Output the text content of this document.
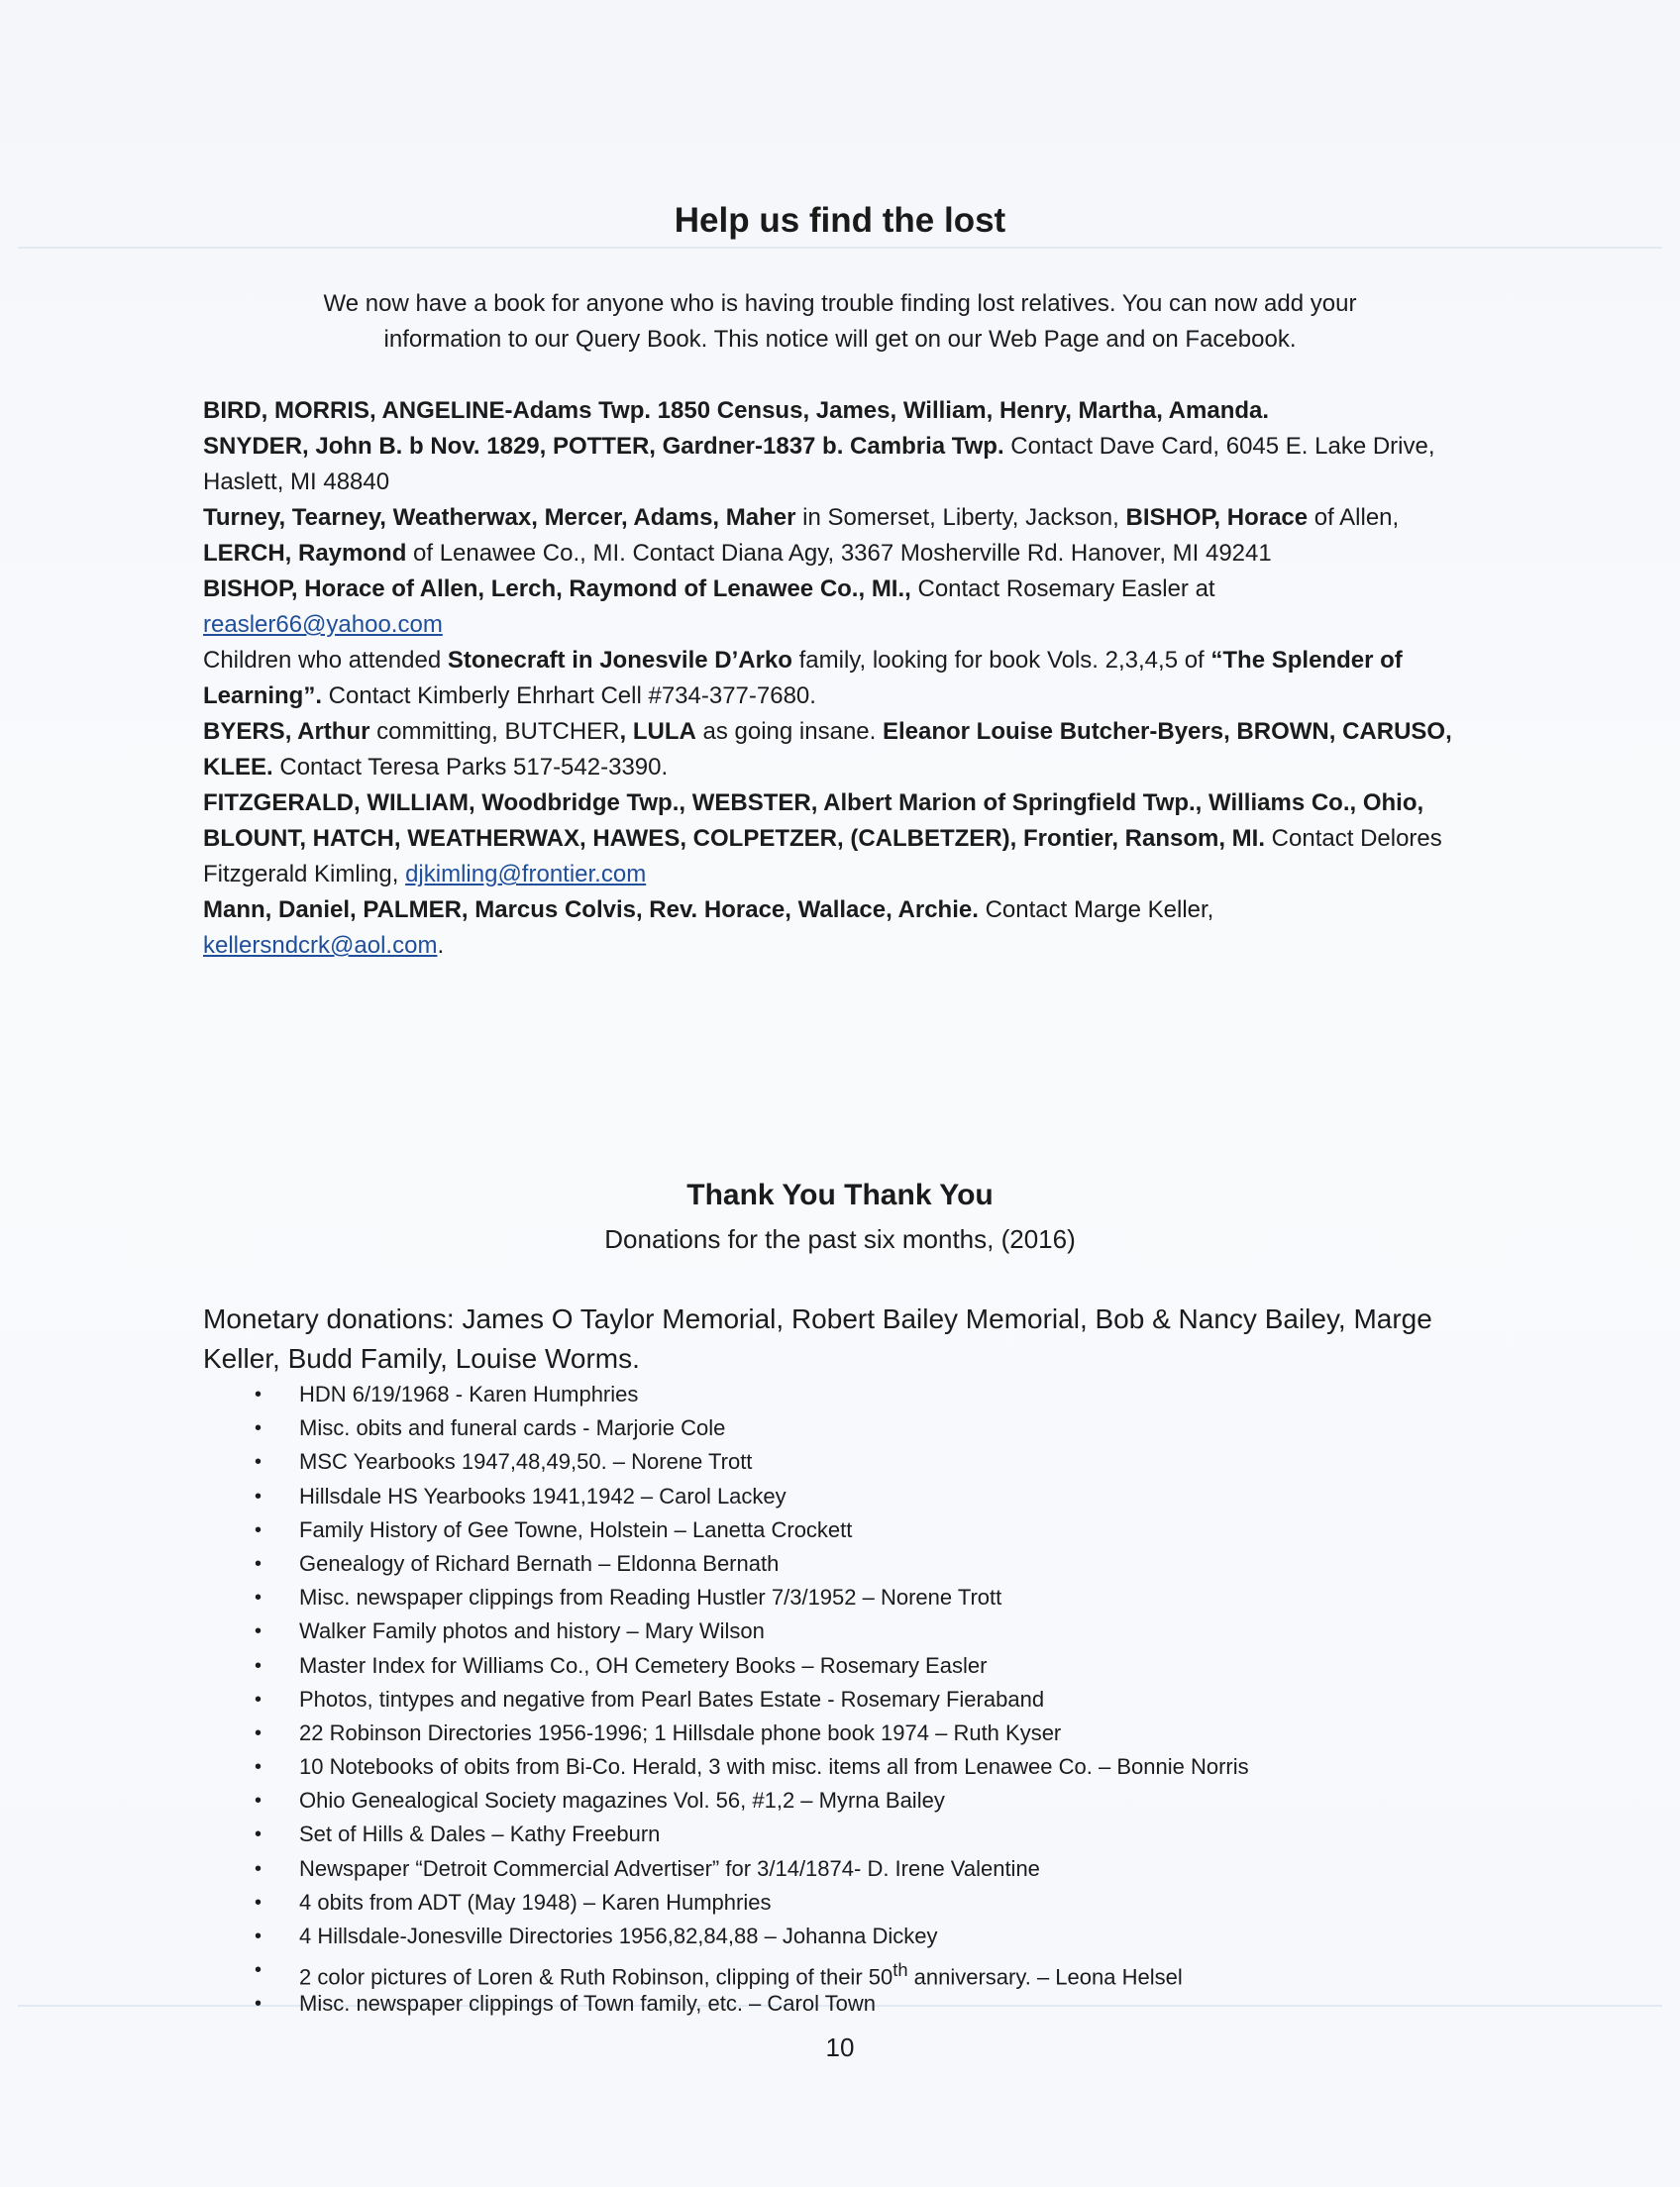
Help us find the lost
We now have a book for anyone who is having trouble finding lost relatives. You can now add your
information to our Query Book. This notice will get on our Web Page and on Facebook.

BIRD, MORRIS, ANGELINE-Adams Twp. 1850 Census, James, William, Henry, Martha, Amanda.

SNYDER, John B. b Nov. 1829, POTTER, Gardner-1837 b. Cambria Twp. Contact Dave Card, 6045 E. Lake Drive, Haslett, MI 48840

Turney, Tearney, Weatherwax, Mercer, Adams, Maher in Somerset, Liberty, Jackson, BISHOP, Horace of Allen, LERCH, Raymond of Lenawee Co., MI. Contact Diana Agy, 3367 Mosherville Rd. Hanover, MI 49241

BISHOP, Horace of Allen, Lerch, Raymond of Lenawee Co., MI., Contact Rosemary Easler at reasler66@yahoo.com

Children who attended Stonecraft in Jonesvile D’Arko family, looking for book Vols. 2,3,4,5 of “The Splender of Learning”. Contact Kimberly Ehrhart Cell #734-377-7680.

BYERS, Arthur committing, BUTCHER, LULA as going insane. Eleanor Louise Butcher-Byers, BROWN, CARUSO, KLEE. Contact Teresa Parks 517-542-3390.

FITZGERALD, WILLIAM, Woodbridge Twp., WEBSTER, Albert Marion of Springfield Twp., Williams Co., Ohio, BLOUNT, HATCH, WEATHERWAX, HAWES, COLPETZER, (CALBETZER), Frontier, Ransom, MI. Contact Delores Fitzgerald Kimling, djkimling@frontier.com

Mann, Daniel, PALMER, Marcus Colvis, Rev. Horace, Wallace, Archie. Contact Marge Keller, kellersndcrk@aol.com.

Thank You Thank You
Donations for the past six months, (2016)
Monetary donations: James O Taylor Memorial, Robert Bailey Memorial, Bob & Nancy Bailey, Marge Keller, Budd Family, Louise Worms.
• HDN 6/19/1968 - Karen Humphries
• Misc. obits and funeral cards - Marjorie Cole
• MSC Yearbooks 1947,48,49,50. – Norene Trott
• Hillsdale HS Yearbooks 1941,1942 – Carol Lackey
• Family History of Gee Towne, Holstein – Lanetta Crockett
• Genealogy of Richard Bernath – Eldonna Bernath
• Misc. newspaper clippings from Reading Hustler 7/3/1952 – Norene Trott
• Walker Family photos and history – Mary Wilson
• Master Index for Williams Co., OH Cemetery Books – Rosemary Easler
• Photos, tintypes and negative from Pearl Bates Estate - Rosemary Fieraband
• 22 Robinson Directories 1956-1996; 1 Hillsdale phone book 1974 – Ruth Kyser
• 10 Notebooks of obits from Bi-Co. Herald, 3 with misc. items all from Lenawee Co. – Bonnie Norris
• Ohio Genealogical Society magazines Vol. 56, #1,2 – Myrna Bailey
• Set of Hills & Dales – Kathy Freeburn
• Newspaper “Detroit Commercial Advertiser” for 3/14/1874- D. Irene Valentine
• 4 obits from ADT (May 1948) – Karen Humphries
• 4 Hillsdale-Jonesville Directories 1956,82,84,88 – Johanna Dickey
• 2 color pictures of Loren & Ruth Robinson, clipping of their 50th anniversary. – Leona Helsel
• Misc. newspaper clippings of Town family, etc. – Carol Town
10
